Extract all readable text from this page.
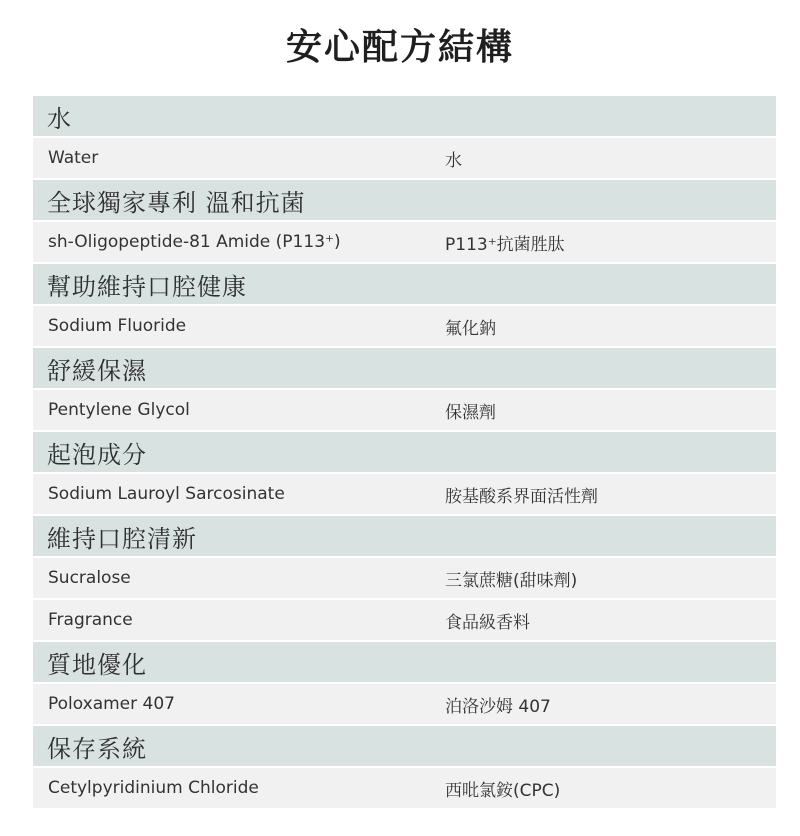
安心配方結構
水
Water	水
全球獨家專利 溫和抗菌
sh-Oligopeptide-81 Amide (P113⁺)	P113⁺抗菌胜肽
幫助維持口腔健康
Sodium Fluoride	氟化鈉
舒緩保濕
Pentylene Glycol	保濕劑
起泡成分
Sodium Lauroyl Sarcosinate	胺基酸系界面活性劑
維持口腔清新
Sucralose	三氯蔗糖(甜味劑)
Fragrance	食品級香料
質地優化
Poloxamer 407	泊洛沙姆 407
保存系統
Cetylpyridinium Chloride	西吡氯銨(CPC)
